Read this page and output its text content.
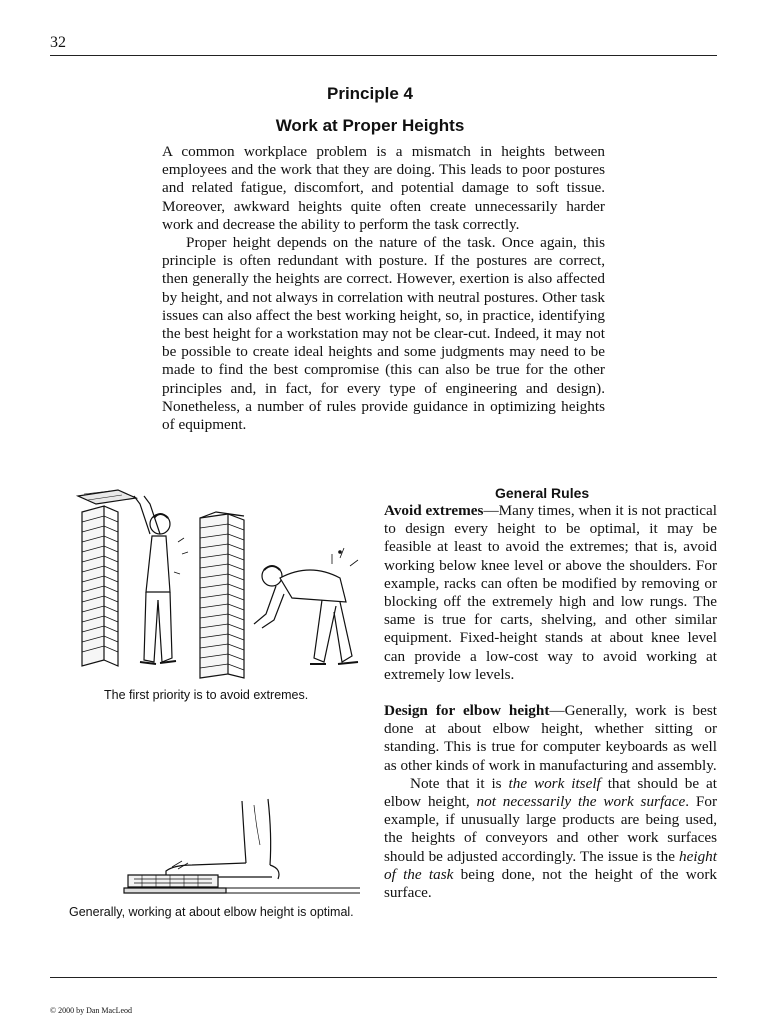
32
Principle 4
Work at Proper Heights

A common workplace problem is a mismatch in heights between employees and the work that they are doing. This leads to poor postures and related fatigue, discomfort, and potential damage to soft tissue. Moreover, awkward heights quite often create unnecessarily harder work and decrease the ability to perform the task correctly.

Proper height depends on the nature of the task. Once again, this principle is often redundant with posture. If the postures are correct, then generally the heights are correct. However, exertion is also affected by height, and not always in correlation with neutral postures. Other task issues can also affect the best working height, so, in practice, identifying the best height for a workstation may not be clear-cut. Indeed, it may not be possible to create ideal heights and some judgments may need to be made to find the best compromise (this can also be true for the other principles and, in fact, for every type of engineering and design). Nonetheless, a number of rules provide guidance in optimizing heights of equipment.

The first priority is to avoid extremes.
Generally, working at about elbow height is optimal.
General Rules

Avoid extremes—Many times, when it is not practical to design every height to be optimal, it may be feasible at least to avoid the extremes; that is, avoid working below knee level or above the shoulders. For example, racks can often be modified by removing or blocking off the extremely high and low rungs. The same is true for carts, shelving, and other similar equipment. Fixed-height stands at about knee level can provide a low-cost way to avoid working at extremely low levels.

Design for elbow height—Generally, work is best done at about elbow height, whether sitting or standing. This is true for computer keyboards as well as other kinds of work in manufacturing and assembly.

Note that it is the work itself that should be at elbow height, not necessarily the work surface. For example, if unusually large products are being used, the heights of conveyors and other work surfaces should be adjusted accordingly. The issue is the height of the task being done, not the height of the work surface.

© 2000 by Dan MacLeod
